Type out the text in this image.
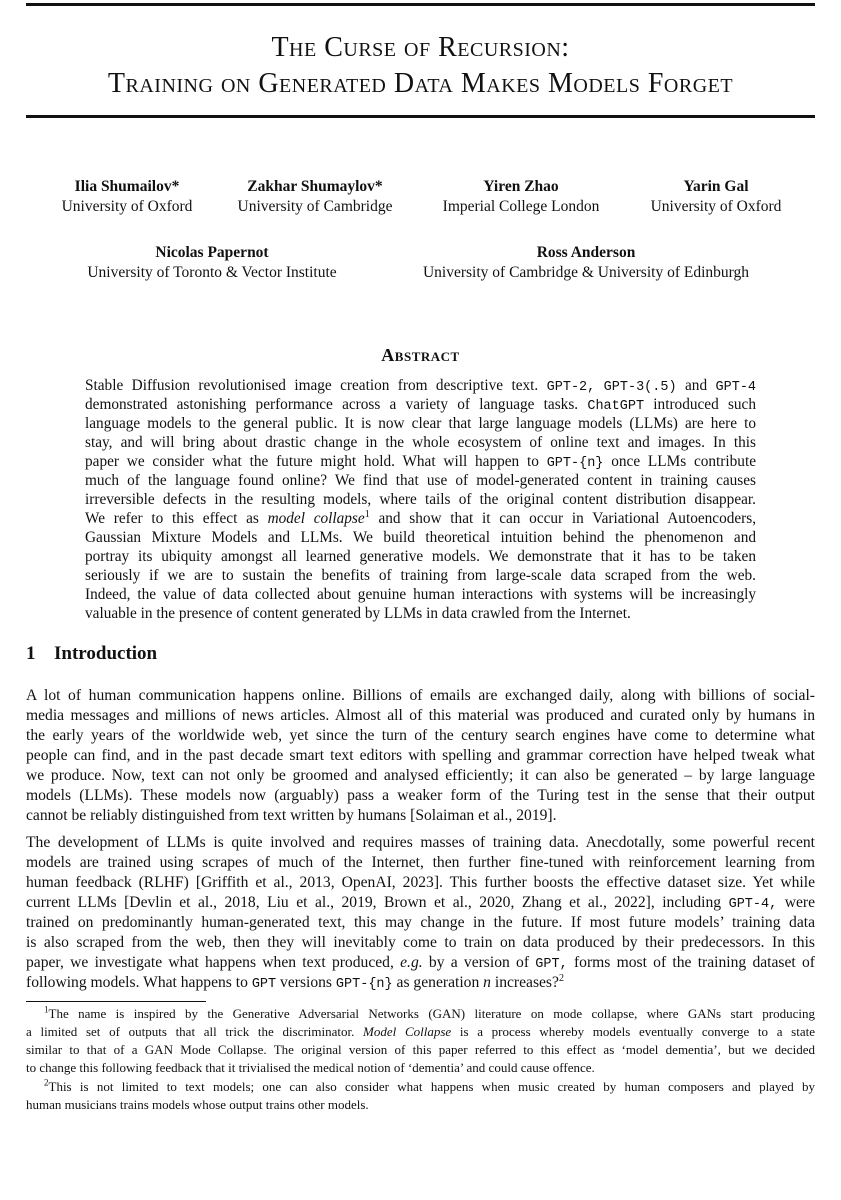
The Curse of Recursion:
Training on Generated Data Makes Models Forget
Ilia Shumailov*
University of Oxford
Zakhar Shumaylov*
University of Cambridge
Yiren Zhao
Imperial College London
Yarin Gal
University of Oxford
Nicolas Papernot
University of Toronto & Vector Institute
Ross Anderson
University of Cambridge & University of Edinburgh
Abstract
Stable Diffusion revolutionised image creation from descriptive text. GPT-2, GPT-3(.5) and GPT-4
demonstrated astonishing performance across a variety of language tasks. ChatGPT introduced such
language models to the general public. It is now clear that large language models (LLMs) are here to
stay, and will bring about drastic change in the whole ecosystem of online text and images. In this
paper we consider what the future might hold. What will happen to GPT-{n} once LLMs contribute
much of the language found online? We find that use of model-generated content in training causes
irreversible defects in the resulting models, where tails of the original content distribution disappear.
We refer to this effect as model collapse$^1$ and show that it can occur in Variational Autoencoders,
Gaussian Mixture Models and LLMs. We build theoretical intuition behind the phenomenon and
portray its ubiquity amongst all learned generative models. We demonstrate that it has to be taken
seriously if we are to sustain the benefits of training from large-scale data scraped from the web.
Indeed, the value of data collected about genuine human interactions with systems will be increasingly
valuable in the presence of content generated by LLMs in data crawled from the Internet.
1 Introduction
A lot of human communication happens online. Billions of emails are exchanged daily, along with billions of social-
media messages and millions of news articles. Almost all of this material was produced and curated only by humans in
the early years of the worldwide web, yet since the turn of the century search engines have come to determine what
people can find, and in the past decade smart text editors with spelling and grammar correction have helped tweak what
we produce. Now, text can not only be groomed and analysed efficiently; it can also be generated – by large language
models (LLMs). These models now (arguably) pass a weaker form of the Turing test in the sense that their output
cannot be reliably distinguished from text written by humans [Solaiman et al., 2019].
The development of LLMs is quite involved and requires masses of training data. Anecdotally, some powerful recent
models are trained using scrapes of much of the Internet, then further fine-tuned with reinforcement learning from
human feedback (RLHF) [Griffith et al., 2013, OpenAI, 2023]. This further boosts the effective dataset size. Yet while
current LLMs [Devlin et al., 2018, Liu et al., 2019, Brown et al., 2020, Zhang et al., 2022], including GPT-4, were
trained on predominantly human-generated text, this may change in the future. If most future models’ training data
is also scraped from the web, then they will inevitably come to train on data produced by their predecessors. In this
paper, we investigate what happens when text produced, e.g. by a version of GPT, forms most of the training dataset of
following models. What happens to GPT versions GPT-{n} as generation n increases?$^2$
$^1$The name is inspired by the Generative Adversarial Networks (GAN) literature on mode collapse, where GANs start producing
a limited set of outputs that all trick the discriminator. Model Collapse is a process whereby models eventually converge to a state
similar to that of a GAN Mode Collapse. The original version of this paper referred to this effect as ‘model dementia’, but we decided
to change this following feedback that it trivialised the medical notion of ‘dementia’ and could cause offence.
$^2$This is not limited to text models; one can also consider what happens when music created by human composers and played by
human musicians trains models whose output trains other models.
